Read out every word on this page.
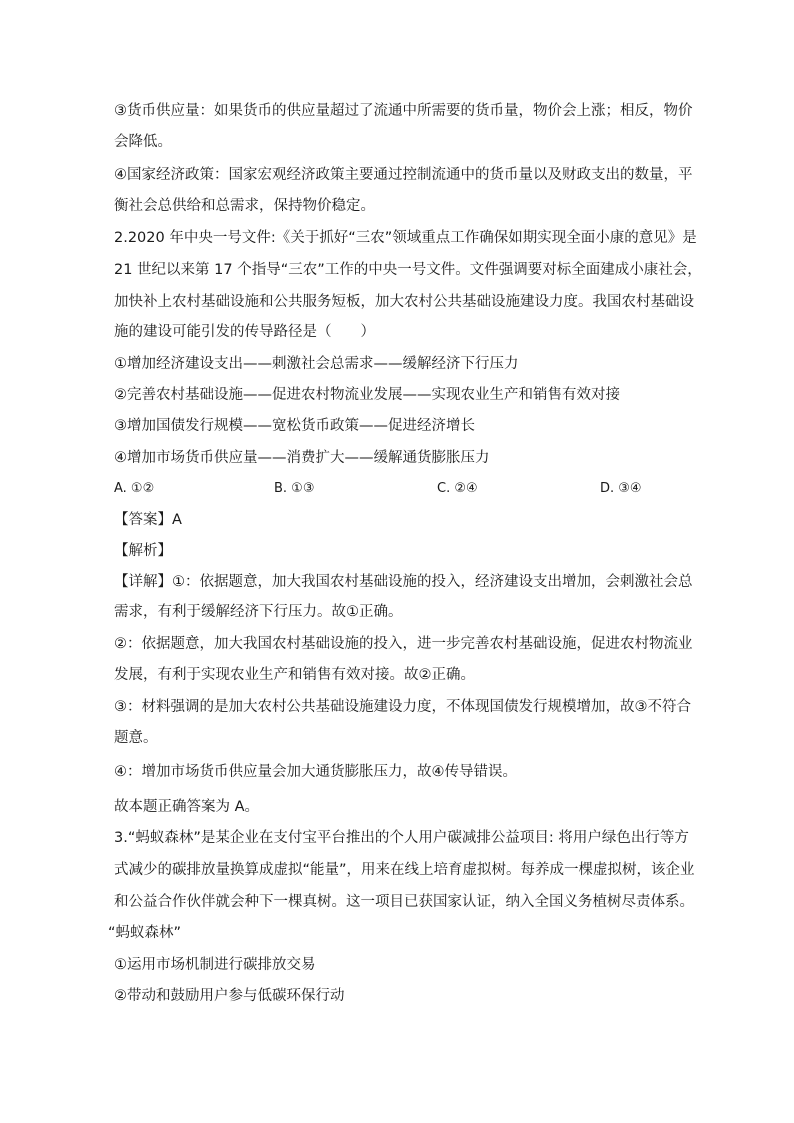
③货币供应量：如果货币的供应量超过了流通中所需要的货币量，物价会上涨；相反，物价
会降低。
④国家经济政策：国家宏观经济政策主要通过控制流通中的货币量以及财政支出的数量，平
衡社会总供给和总需求，保持物价稳定。
2.2020 年中央一号文件:《关于抓好“三农”领域重点工作确保如期实现全面小康的意见》是
21 世纪以来第 17 个指导“三农”工作的中央一号文件。文件强调要对标全面建成小康社会，
加快补上农村基础设施和公共服务短板，加大农村公共基础设施建设力度。我国农村基础设
施的建设可能引发的传导路径是（　　）
①增加经济建设支出——刺激社会总需求——缓解经济下行压力
②完善农村基础设施——促进农村物流业发展——实现农业生产和销售有效对接
③增加国债发行规模——宽松货币政策——促进经济增长
④增加市场货币供应量——消费扩大——缓解通货膨胀压力
A. ①②	B. ①③	C. ②④	D. ③④
【答案】A
【解析】
【详解】①：依据题意，加大我国农村基础设施的投入，经济建设支出增加，会刺激社会总
需求，有利于缓解经济下行压力。故①正确。
②：依据题意，加大我国农村基础设施的投入，进一步完善农村基础设施，促进农村物流业
发展，有利于实现农业生产和销售有效对接。故②正确。
③：材料强调的是加大农村公共基础设施建设力度，不体现国债发行规模增加，故③不符合
题意。
④：增加市场货币供应量会加大通货膨胀压力，故④传导错误。
故本题正确答案为 A。
3.“蚂蚁森林”是某企业在支付宝平台推出的个人用户碳减排公益项目: 将用户绿色出行等方
式减少的碳排放量换算成虚拟“能量”，用来在线上培育虚拟树。每养成一棵虚拟树，该企业
和公益合作伙伴就会种下一棵真树。这一项目已获国家认证，纳入全国义务植树尽责体系。
“蚂蚁森林”
①运用市场机制进行碳排放交易
②带动和鼓励用户参与低碳环保行动
